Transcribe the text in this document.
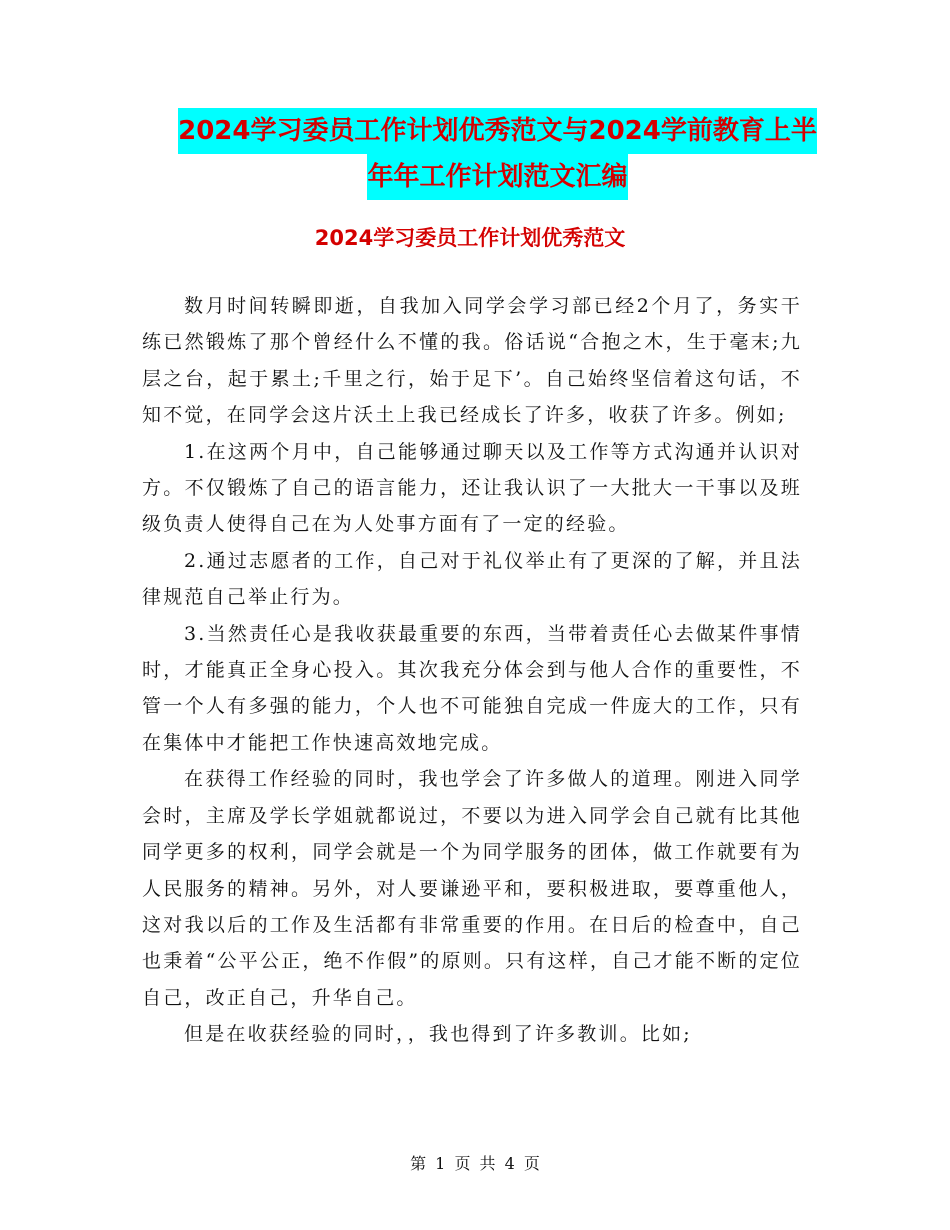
2024学习委员工作计划优秀范文与2024学前教育上半
年年工作计划范文汇编
2024学习委员工作计划优秀范文

数月时间转瞬即逝，自我加入同学会学习部已经2个月了，务实干练已然锻炼了那个曾经什么不懂的我。俗话说“合抱之木，生于毫末;九层之台，起于累土;千里之行，始于足下’。自己始终坚信着这句话，不知不觉，在同学会这片沃土上我已经成长了许多，收获了许多。例如;

1.在这两个月中，自己能够通过聊天以及工作等方式沟通并认识对方。不仅锻炼了自己的语言能力，还让我认识了一大批大一干事以及班级负责人使得自己在为人处事方面有了一定的经验。

2.通过志愿者的工作，自己对于礼仪举止有了更深的了解，并且法律规范自己举止行为。

3.当然责任心是我收获最重要的东西，当带着责任心去做某件事情时，才能真正全身心投入。其次我充分体会到与他人合作的重要性，不管一个人有多强的能力，个人也不可能独自完成一件庞大的工作，只有在集体中才能把工作快速高效地完成。

在获得工作经验的同时，我也学会了许多做人的道理。刚进入同学会时，主席及学长学姐就都说过，不要以为进入同学会自己就有比其他同学更多的权利，同学会就是一个为同学服务的团体，做工作就要有为人民服务的精神。另外，对人要谦逊平和，要积极进取，要尊重他人，这对我以后的工作及生活都有非常重要的作用。在日后的检查中，自己也秉着“公平公正，绝不作假”的原则。只有这样，自己才能不断的定位自己，改正自己，升华自己。

但是在收获经验的同时，，我也得到了许多教训。比如;

第 1 页 共 4 页
